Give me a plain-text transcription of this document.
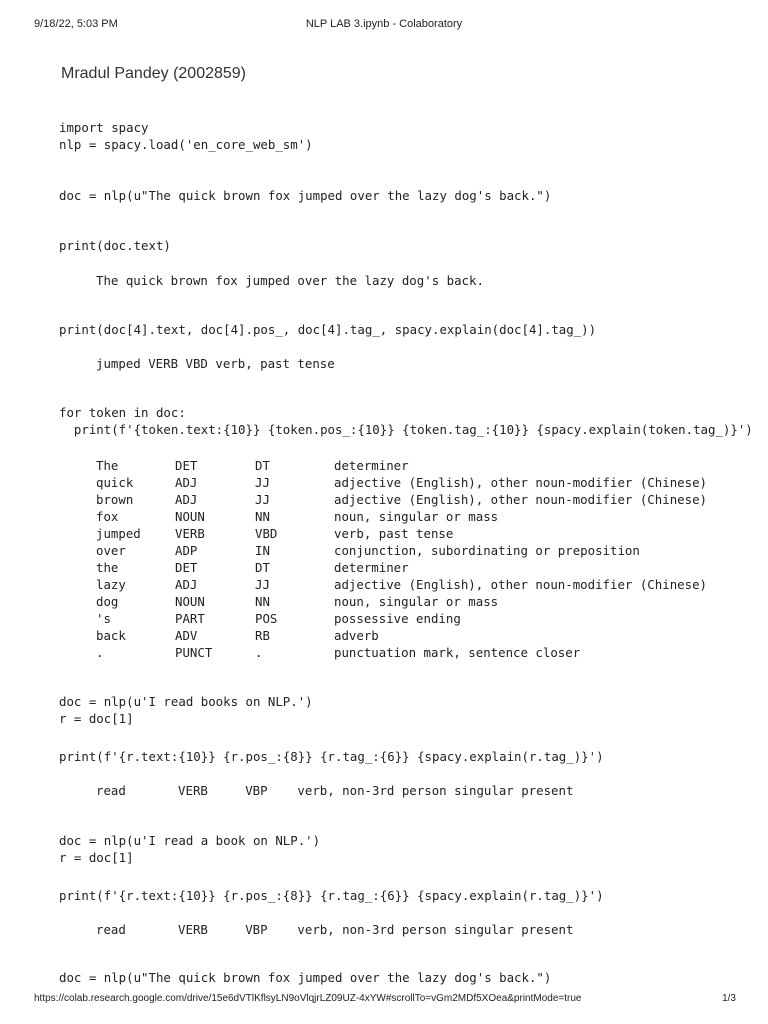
9/18/22, 5:03 PM	NLP LAB 3.ipynb - Colaboratory
Mradul Pandey (2002859)
import spacy
nlp = spacy.load('en_core_web_sm')
doc = nlp(u"The quick brown fox jumped over the lazy dog's back.")
print(doc.text)
The quick brown fox jumped over the lazy dog's back.
print(doc[4].text, doc[4].pos_, doc[4].tag_, spacy.explain(doc[4].tag_))
jumped VERB VBD verb, past tense
for token in doc:
print(f'{token.text:{10}} {token.pos_:{10}} {token.tag_:{10}} {spacy.explain(token.tag_)}')
The	DET	DT	determiner
quick	ADJ	JJ	adjective (English), other noun-modifier (Chinese)
brown	ADJ	JJ	adjective (English), other noun-modifier (Chinese)
fox	NOUN	NN	noun, singular or mass
jumped	VERB	VBD	verb, past tense
over	ADP	IN	conjunction, subordinating or preposition
the	DET	DT	determiner
lazy	ADJ	JJ	adjective (English), other noun-modifier (Chinese)
dog	NOUN	NN	noun, singular or mass
's	PART	POS	possessive ending
back	ADV	RB	adverb
.	PUNCT	.	punctuation mark, sentence closer
doc = nlp(u'I read books on NLP.')
r = doc[1]
print(f'{r.text:{10}} {r.pos_:{8}} {r.tag_:{6}} {spacy.explain(r.tag_)}')
read       VERB     VBP    verb, non-3rd person singular present
doc = nlp(u'I read a book on NLP.')
r = doc[1]
print(f'{r.text:{10}} {r.pos_:{8}} {r.tag_:{6}} {spacy.explain(r.tag_)}')
read       VERB     VBP    verb, non-3rd person singular present
doc = nlp(u"The quick brown fox jumped over the lazy dog's back.")
https://colab.research.google.com/drive/15e6dVTlKflsyLN9oVlqjrLZ09UZ-4xYW#scrollTo=vGm2MDf5XOea&printMode=true	1/3
